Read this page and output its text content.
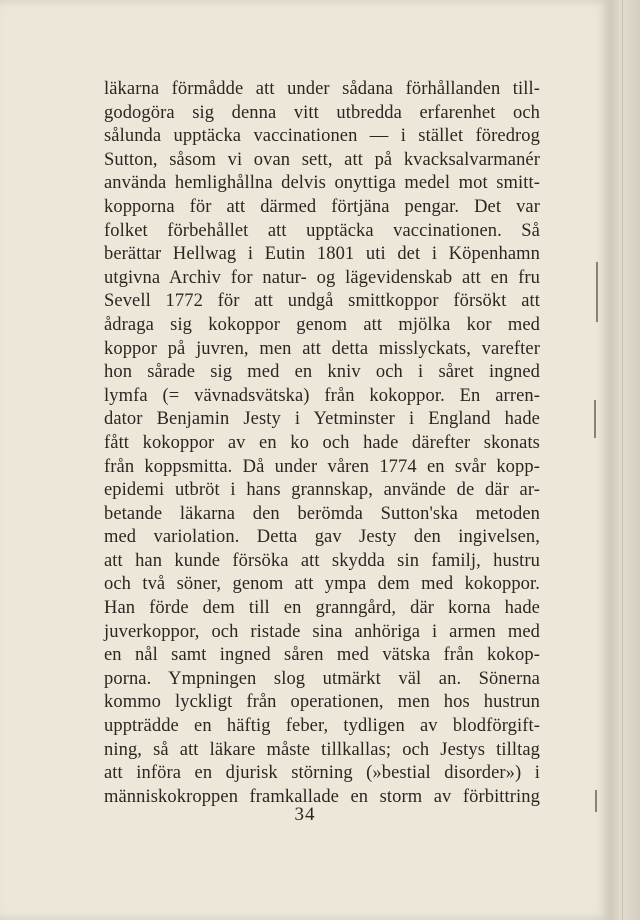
läkarna förmådde att under sådana förhållanden till-
godogöra sig denna vitt utbredda erfarenhet och
sålunda upptäcka vaccinationen — i stället föredrog
Sutton, såsom vi ovan sett, att på kvacksalvarmanér
använda hemlighållna delvis onyttiga medel mot smitt-
kopporna för att därmed förtjäna pengar. Det var
folket förbehållet att upptäcka vaccinationen. Så
berättar Hellwag i Eutin 1801 uti det i Köpenhamn
utgivna Archiv for natur- og lägevidenskab att en fru
Sevell 1772 för att undgå smittkoppor försökt att
ådraga sig kokoppor genom att mjölka kor med
koppor på juvren, men att detta misslyckats, varefter
hon sårade sig med en kniv och i såret ingned
lymfa (= vävnadsvätska) från kokoppor. En arren-
dator Benjamin Jesty i Yetminster i England hade
fått kokoppor av en ko och hade därefter skonats
från koppsmitta. Då under våren 1774 en svår kopp-
epidemi utbröt i hans grannskap, använde de där ar-
betande läkarna den berömda Sutton'ska metoden
med variolation. Detta gav Jesty den ingivelsen,
att han kunde försöka att skydda sin familj, hustru
och två söner, genom att ympa dem med kokoppor.
Han förde dem till en granngård, där korna hade
juverkoppor, och ristade sina anhöriga i armen med
en nål samt ingned såren med vätska från kokop-
porna. Ympningen slog utmärkt väl an. Sönerna
kommo lyckligt från operationen, men hos hustrun
uppträdde en häftig feber, tydligen av blodförgift-
ning, så att läkare måste tillkallas; och Jestys tilltag
att införa en djurisk störning (»bestial disorder») i
människokroppen framkallade en storm av förbittring
34
